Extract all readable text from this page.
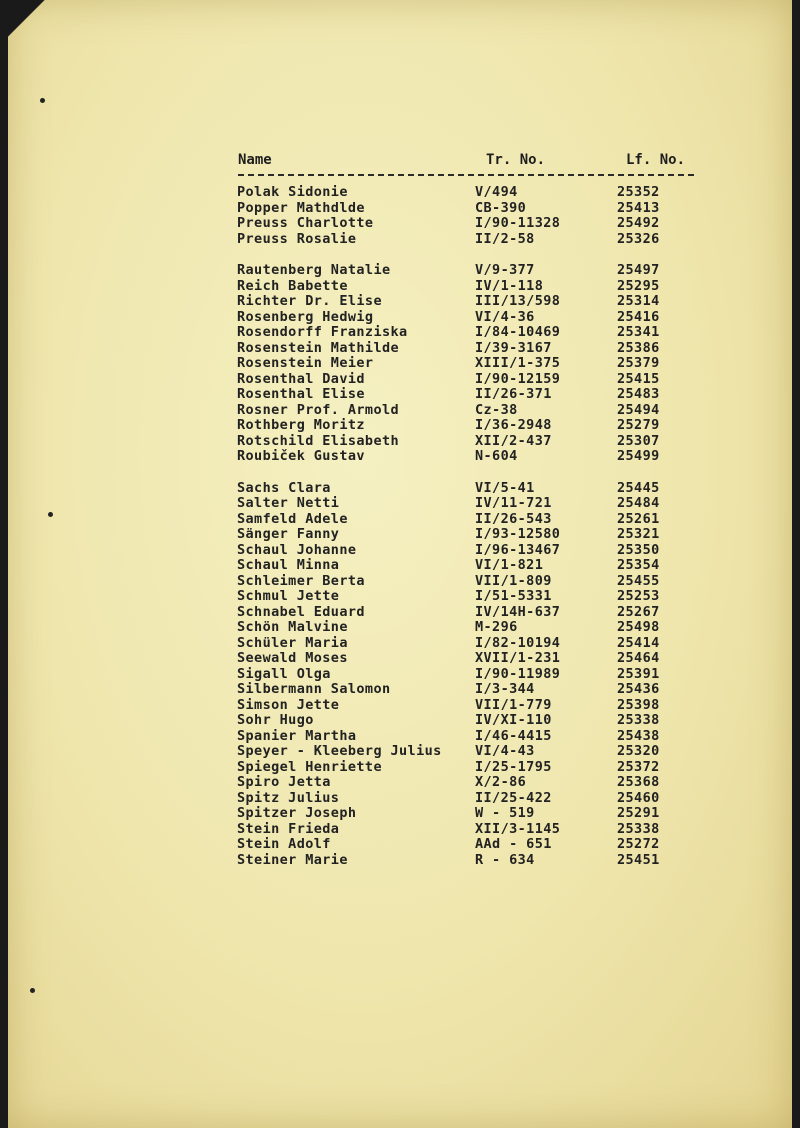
Name	Tr. No.	Lf. No.
Polak Sidonie	V/494	25352
Popper Mathdlde	CB-390	25413
Preuss Charlotte	I/90-11328	25492
Preuss Rosalie	II/2-58	25326
Rautenberg Natalie	V/9-377	25497
Reich Babette	IV/1-118	25295
Richter Dr. Elise	III/13/598	25314
Rosenberg Hedwig	VI/4-36	25416
Rosendorff Franziska	I/84-10469	25341
Rosenstein Mathilde	I/39-3167	25386
Rosenstein Meier	XIII/1-375	25379
Rosenthal David	I/90-12159	25415
Rosenthal Elise	II/26-371	25483
Rosner Prof. Armold	Cz-38	25494
Rothberg Moritz	I/36-2948	25279
Rotschild Elisabeth	XII/2-437	25307
Roubiček Gustav	N-604	25499
Sachs Clara	VI/5-41	25445
Salter Netti	IV/11-721	25484
Samfeld Adele	II/26-543	25261
Sänger Fanny	I/93-12580	25321
Schaul Johanne	I/96-13467	25350
Schaul Minna	VI/1-821	25354
Schleimer Berta	VII/1-809	25455
Schmul Jette	I/51-5331	25253
Schnabel Eduard	IV/14H-637	25267
Schön Malvine	M-296	25498
Schüler Maria	I/82-10194	25414
Seewald Moses	XVII/1-231	25464
Sigall Olga	I/90-11989	25391
Silbermann Salomon	I/3-344	25436
Simson Jette	VII/1-779	25398
Sohr Hugo	IV/XI-110	25338
Spanier Martha	I/46-4415	25438
Speyer - Kleeberg Julius VI/4-43	25320
Spiegel Henriette	I/25-1795	25372
Spiro Jetta	X/2-86	25368
Spitz Julius	II/25-422	25460
Spitzer Joseph	W - 519	25291
Stein Frieda	XII/3-1145	25338
Stein Adolf	AAd - 651	25272
Steiner Marie	R - 634	25451
